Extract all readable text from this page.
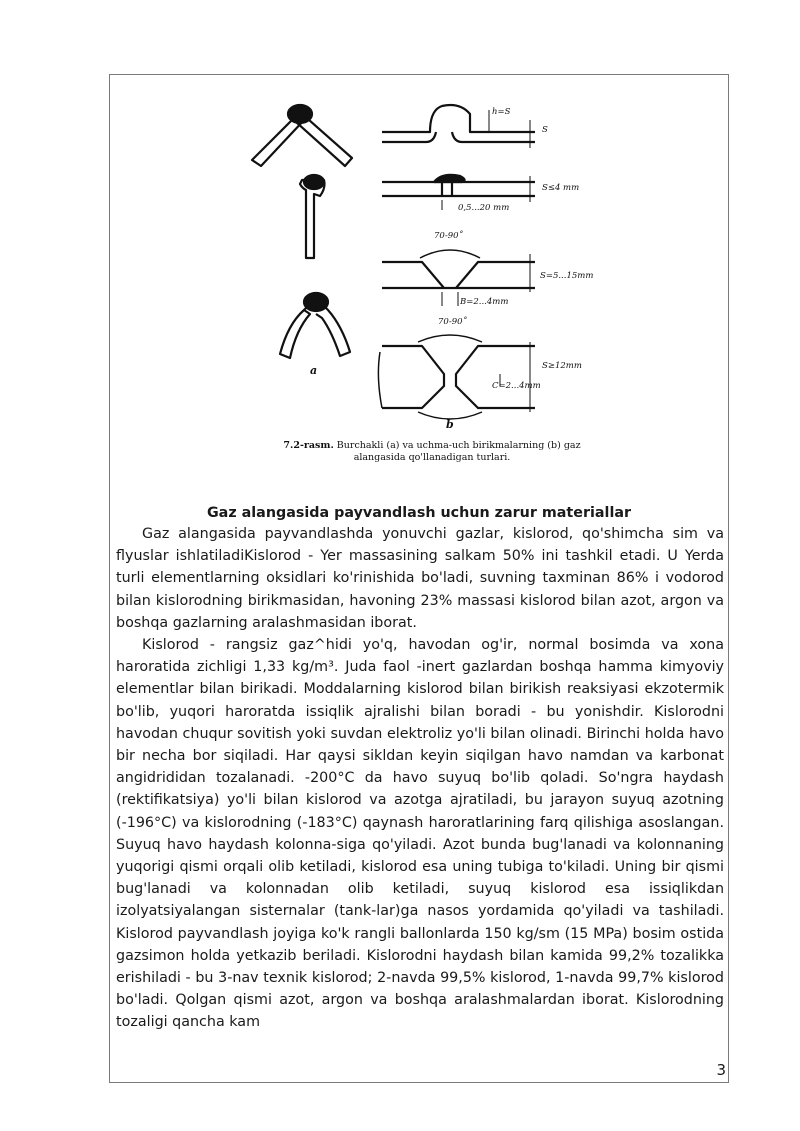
h=S
S
S≤4 mm
0,5...20 mm
70-90˚
S=5...15mm
B=2...4mm
70-90˚
S≥12mm
C=2...4mm
a
b
7.2-rasm. Burchakli (a) va uchma-uch birikmalarning (b) gaz alangasida qo'llanadigan turlari.
Gaz alangasida payvandlash uchun zarur materiallar

Gaz alangasida payvandlashda yonuvchi gazlar, kislorod, qo'shimcha sim va flyuslar ishlatiladiKislorod - Yer massasining salkam 50% ini tashkil etadi. U Yerda turli elementlarning oksidlari ko'rinishida bo'ladi, suvning taxminan 86% i vodorod bilan kislorodning birikmasidan, havoning 23% massasi kislorod bilan azot, argon va boshqa gazlarning aralashmasidan iborat.

Kislorod - rangsiz gaz^hidi yo'q, havodan og'ir, normal bosimda va xona haroratida zichligi 1,33 kg/m³. Juda faol -inert gazlardan boshqa hamma kimyoviy elementlar bilan birikadi. Moddalarning kislorod bilan birikish reaksiyasi ekzotermik bo'lib, yuqori haroratda issiqlik ajralishi bilan boradi - bu yonishdir. Kislorodni havodan chuqur sovitish yoki suvdan elektroliz yo'li bilan olinadi. Birinchi holda havo bir necha bor siqiladi. Har qaysi sikldan keyin siqilgan havo namdan va karbonat angidrididan tozalanadi. -200°C da havo suyuq bo'lib qoladi. So'ngra haydash (rektifikatsiya) yo'li bilan kislorod va azotga ajratiladi, bu jarayon suyuq azotning (-196°C) va kislorodning (-183°C) qaynash haroratlarining farq qilishiga asoslangan. Suyuq havo haydash kolonna-siga qo'yiladi. Azot bunda bug'lanadi va kolonnaning yuqorigi qismi orqali olib ketiladi, kislorod esa uning tubiga to'kiladi. Uning bir qismi bug'lanadi va kolonnadan olib ketiladi, suyuq kislorod esa issiqlikdan izolyatsiyalangan sisternalar (tank-lar)ga nasos yordamida qo'yiladi va tashiladi. Kislorod payvandlash joyiga ko'k rangli ballonlarda 150 kg/sm (15 MPa) bosim ostida gazsimon holda yetkazib beriladi. Kislorodni haydash bilan kamida 99,2% tozalikka erishiladi - bu 3-nav texnik kislorod; 2-navda 99,5% kislorod, 1-navda 99,7% kislorod bo'ladi. Qolgan qismi azot, argon va boshqa aralashmalardan iborat. Kislorodning tozaligi qancha kam

3
